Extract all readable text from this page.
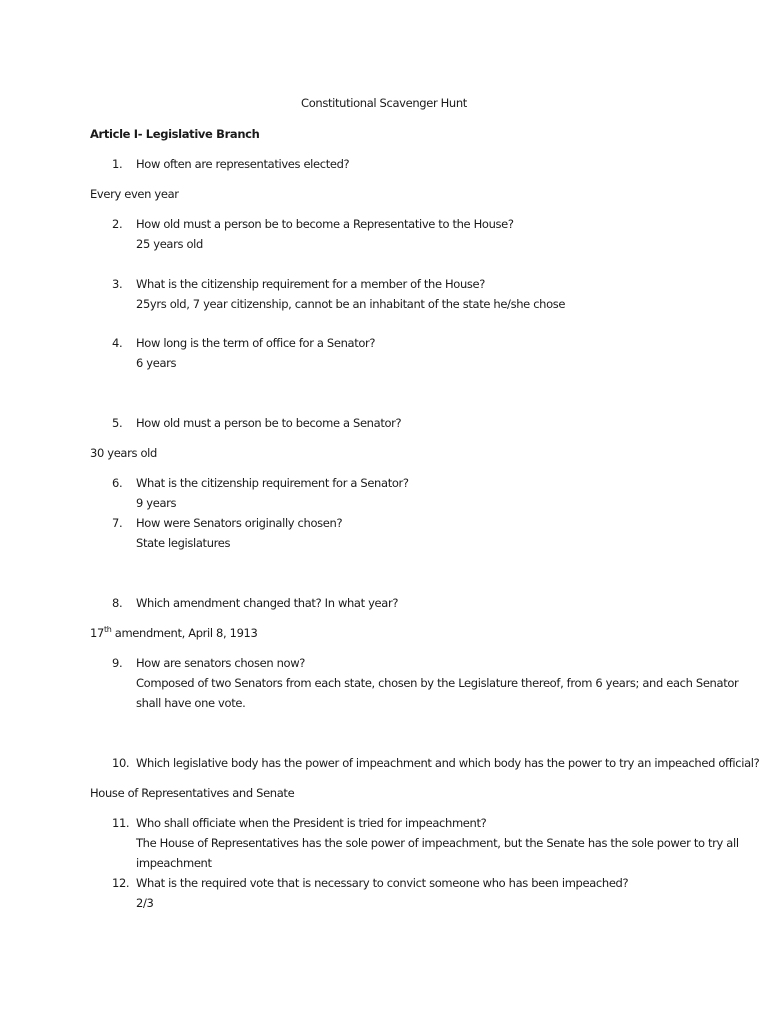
Constitutional Scavenger Hunt
Article I- Legislative Branch
1.	How often are representatives elected?
Every even year
2.	How old must a person be to become a Representative to the House?
25 years old
3.	What is the citizenship requirement for a member of the House?
25yrs old, 7 year citizenship, cannot be an inhabitant of the state he/she chose
4.	How long is the term of office for a Senator?
6 years
5.	How old must a person be to become a Senator?
30 years old
6.	What is the citizenship requirement for a Senator?
9 years
7.	How were Senators originally chosen?
State legislatures
8.	Which amendment changed that? In what year?
17th amendment, April 8, 1913
9.	How are senators chosen now?
Composed of two Senators from each state, chosen by the Legislature thereof, from 6 years; and each Senator
shall have one vote.
10. Which legislative body has the power of impeachment and which body has the power to try an impeached official?
House of Representatives and Senate
11. Who shall officiate when the President is tried for impeachment?
The House of Representatives has the sole power of impeachment, but the Senate has the sole power to try all
impeachment
12. What is the required vote that is necessary to convict someone who has been impeached?
2/3
